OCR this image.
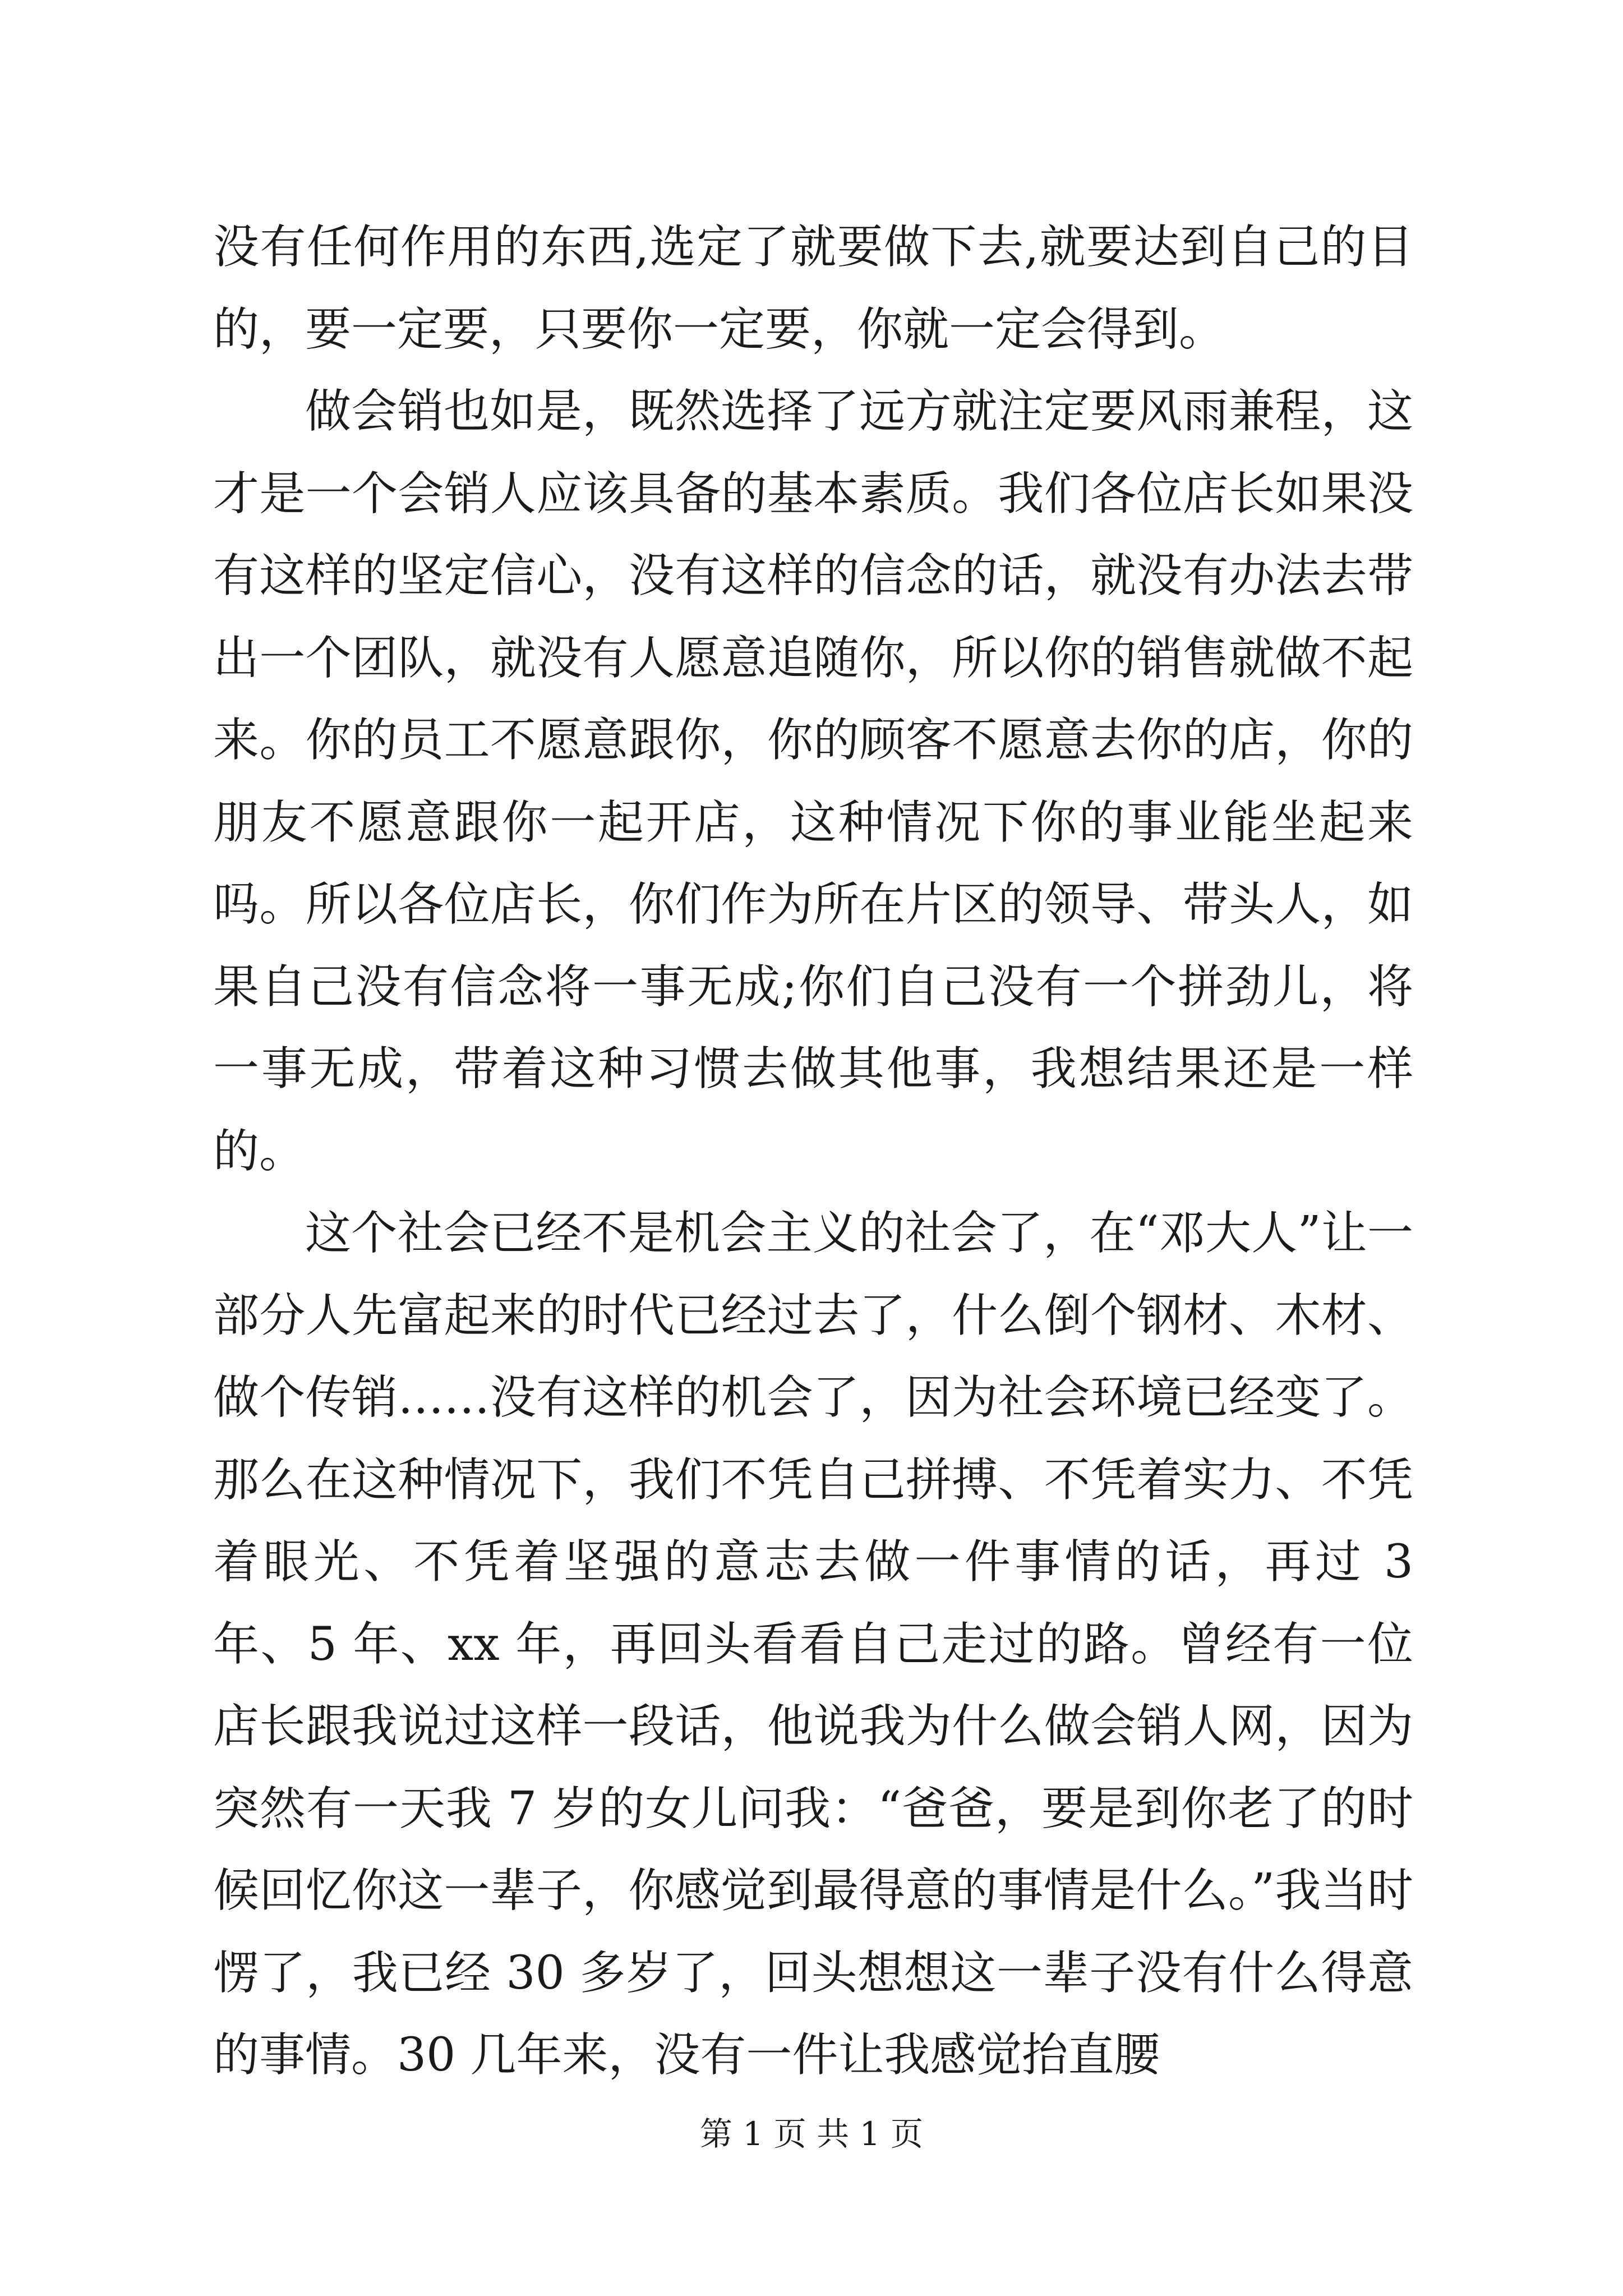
没有任何作用的东西,选定了就要做下去,就要达到自己的目的，要一定要，只要你一定要，你就一定会得到。

做会销也如是，既然选择了远方就注定要风雨兼程，这才是一个会销人应该具备的基本素质。我们各位店长如果没有这样的坚定信心，没有这样的信念的话，就没有办法去带出一个团队，就没有人愿意追随你，所以你的销售就做不起来。你的员工不愿意跟你，你的顾客不愿意去你的店，你的朋友不愿意跟你一起开店，这种情况下你的事业能坐起来吗。所以各位店长，你们作为所在片区的领导、带头人，如果自己没有信念将一事无成;你们自己没有一个拼劲儿，将一事无成，带着这种习惯去做其他事，我想结果还是一样的。

这个社会已经不是机会主义的社会了，在“邓大人”让一部分人先富起来的时代已经过去了，什么倒个钢材、木材、做个传销……没有这样的机会了，因为社会环境已经变了。那么在这种情况下，我们不凭自己拼搏、不凭着实力、不凭着眼光、不凭着坚强的意志去做一件事情的话，再过 3 年、5 年、xx 年，再回头看看自己走过的路。曾经有一位店长跟我说过这样一段话，他说我为什么做会销人网，因为突然有一天我 7 岁的女儿问我：“爸爸，要是到你老了的时候回忆你这一辈子，你感觉到最得意的事情是什么。”我当时愣了，我已经 30 多岁了，回头想想这一辈子没有什么得意的事情。30 几年来，没有一件让我感觉抬直腰

第 1 页 共 1 页
